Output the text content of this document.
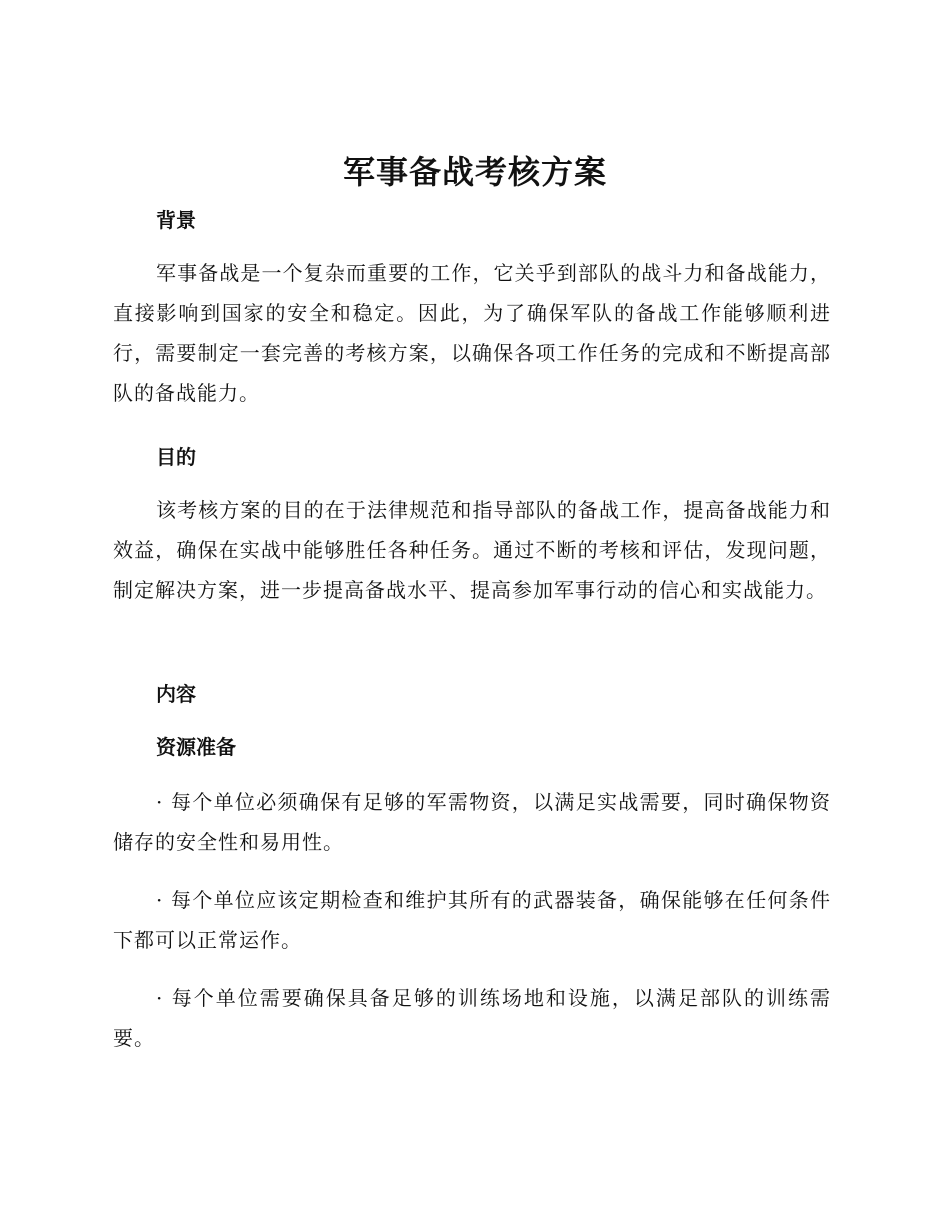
军事备战考核方案
背景

军事备战是一个复杂而重要的工作，它关乎到部队的战斗力和备战能力，直接影响到国家的安全和稳定。因此，为了确保军队的备战工作能够顺利进行，需要制定一套完善的考核方案，以确保各项工作任务的完成和不断提高部队的备战能力。

目的

该考核方案的目的在于法律规范和指导部队的备战工作，提高备战能力和效益，确保在实战中能够胜任各种任务。通过不断的考核和评估，发现问题，制定解决方案，进一步提高备战水平、提高参加军事行动的信心和实战能力。

内容
资源准备

· 每个单位必须确保有足够的军需物资，以满足实战需要，同时确保物资储存的安全性和易用性。

· 每个单位应该定期检查和维护其所有的武器装备，确保能够在任何条件下都可以正常运作。

· 每个单位需要确保具备足够的训练场地和设施，以满足部队的训练需要。
